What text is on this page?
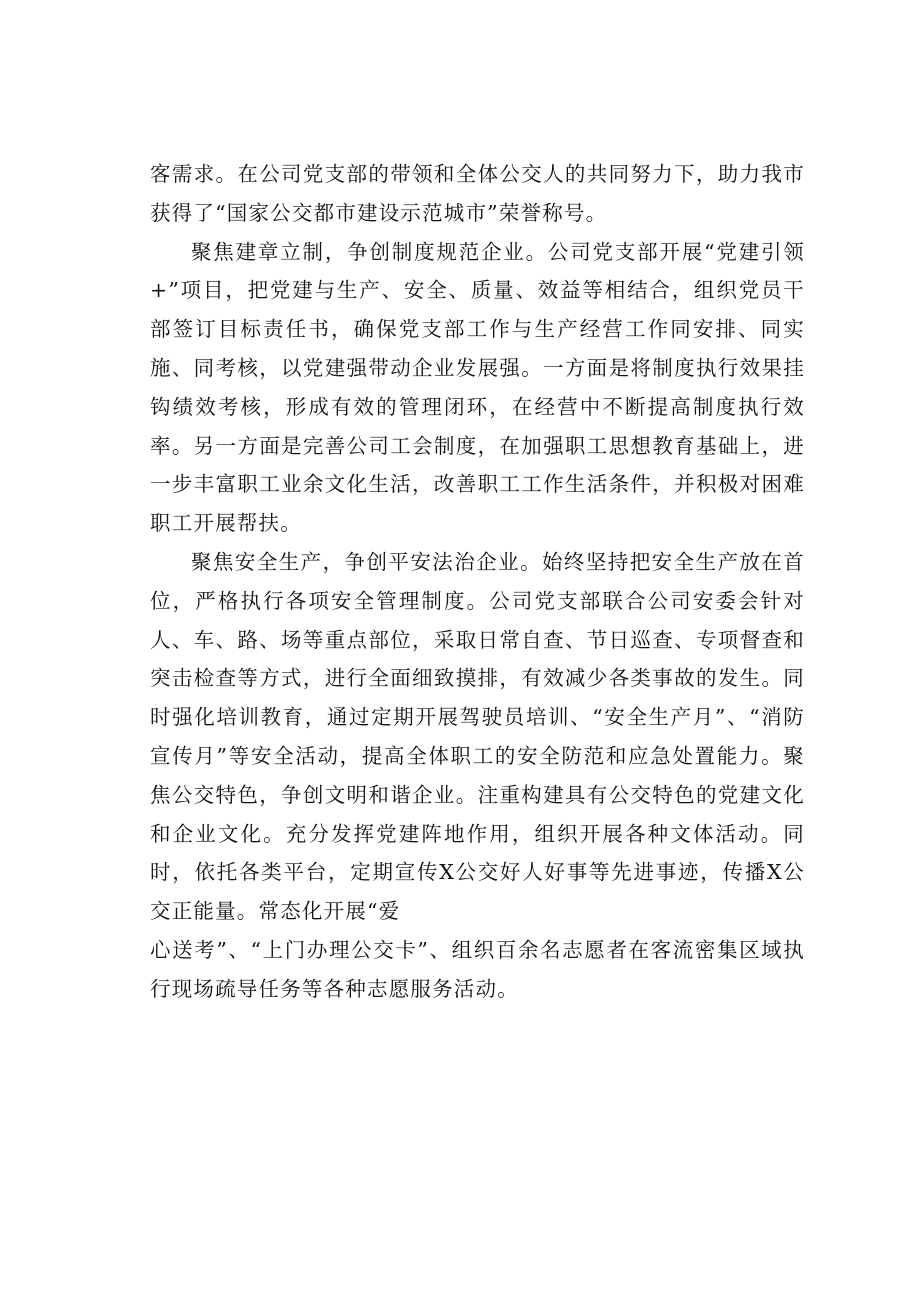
客需求。在公司党支部的带领和全体公交人的共同努力下，助力我市获得了“国家公交都市建设示范城市”荣誉称号。

聚焦建章立制，争创制度规范企业。公司党支部开展“党建引领+”项目，把党建与生产、安全、质量、效益等相结合，组织党员干部签订目标责任书，确保党支部工作与生产经营工作同安排、同实施、同考核，以党建强带动企业发展强。一方面是将制度执行效果挂钩绩效考核，形成有效的管理闭环，在经营中不断提高制度执行效率。另一方面是完善公司工会制度，在加强职工思想教育基础上，进一步丰富职工业余文化生活，改善职工工作生活条件，并积极对困难职工开展帮扶。

聚焦安全生产，争创平安法治企业。始终坚持把安全生产放在首位，严格执行各项安全管理制度。公司党支部联合公司安委会针对人、车、路、场等重点部位，采取日常自查、节日巡查、专项督查和突击检查等方式，进行全面细致摸排，有效减少各类事故的发生。同时强化培训教育，通过定期开展驾驶员培训、“安全生产月”、“消防宣传月”等安全活动，提高全体职工的安全防范和应急处置能力。聚焦公交特色，争创文明和谐企业。注重构建具有公交特色的党建文化和企业文化。充分发挥党建阵地作用，组织开展各种文体活动。同时，依托各类平台，定期宣传X公交好人好事等先进事迹，传播X公交正能量。常态化开展“爱

心送考”、“上门办理公交卡”、组织百余名志愿者在客流密集区域执行现场疏导任务等各种志愿服务活动。
